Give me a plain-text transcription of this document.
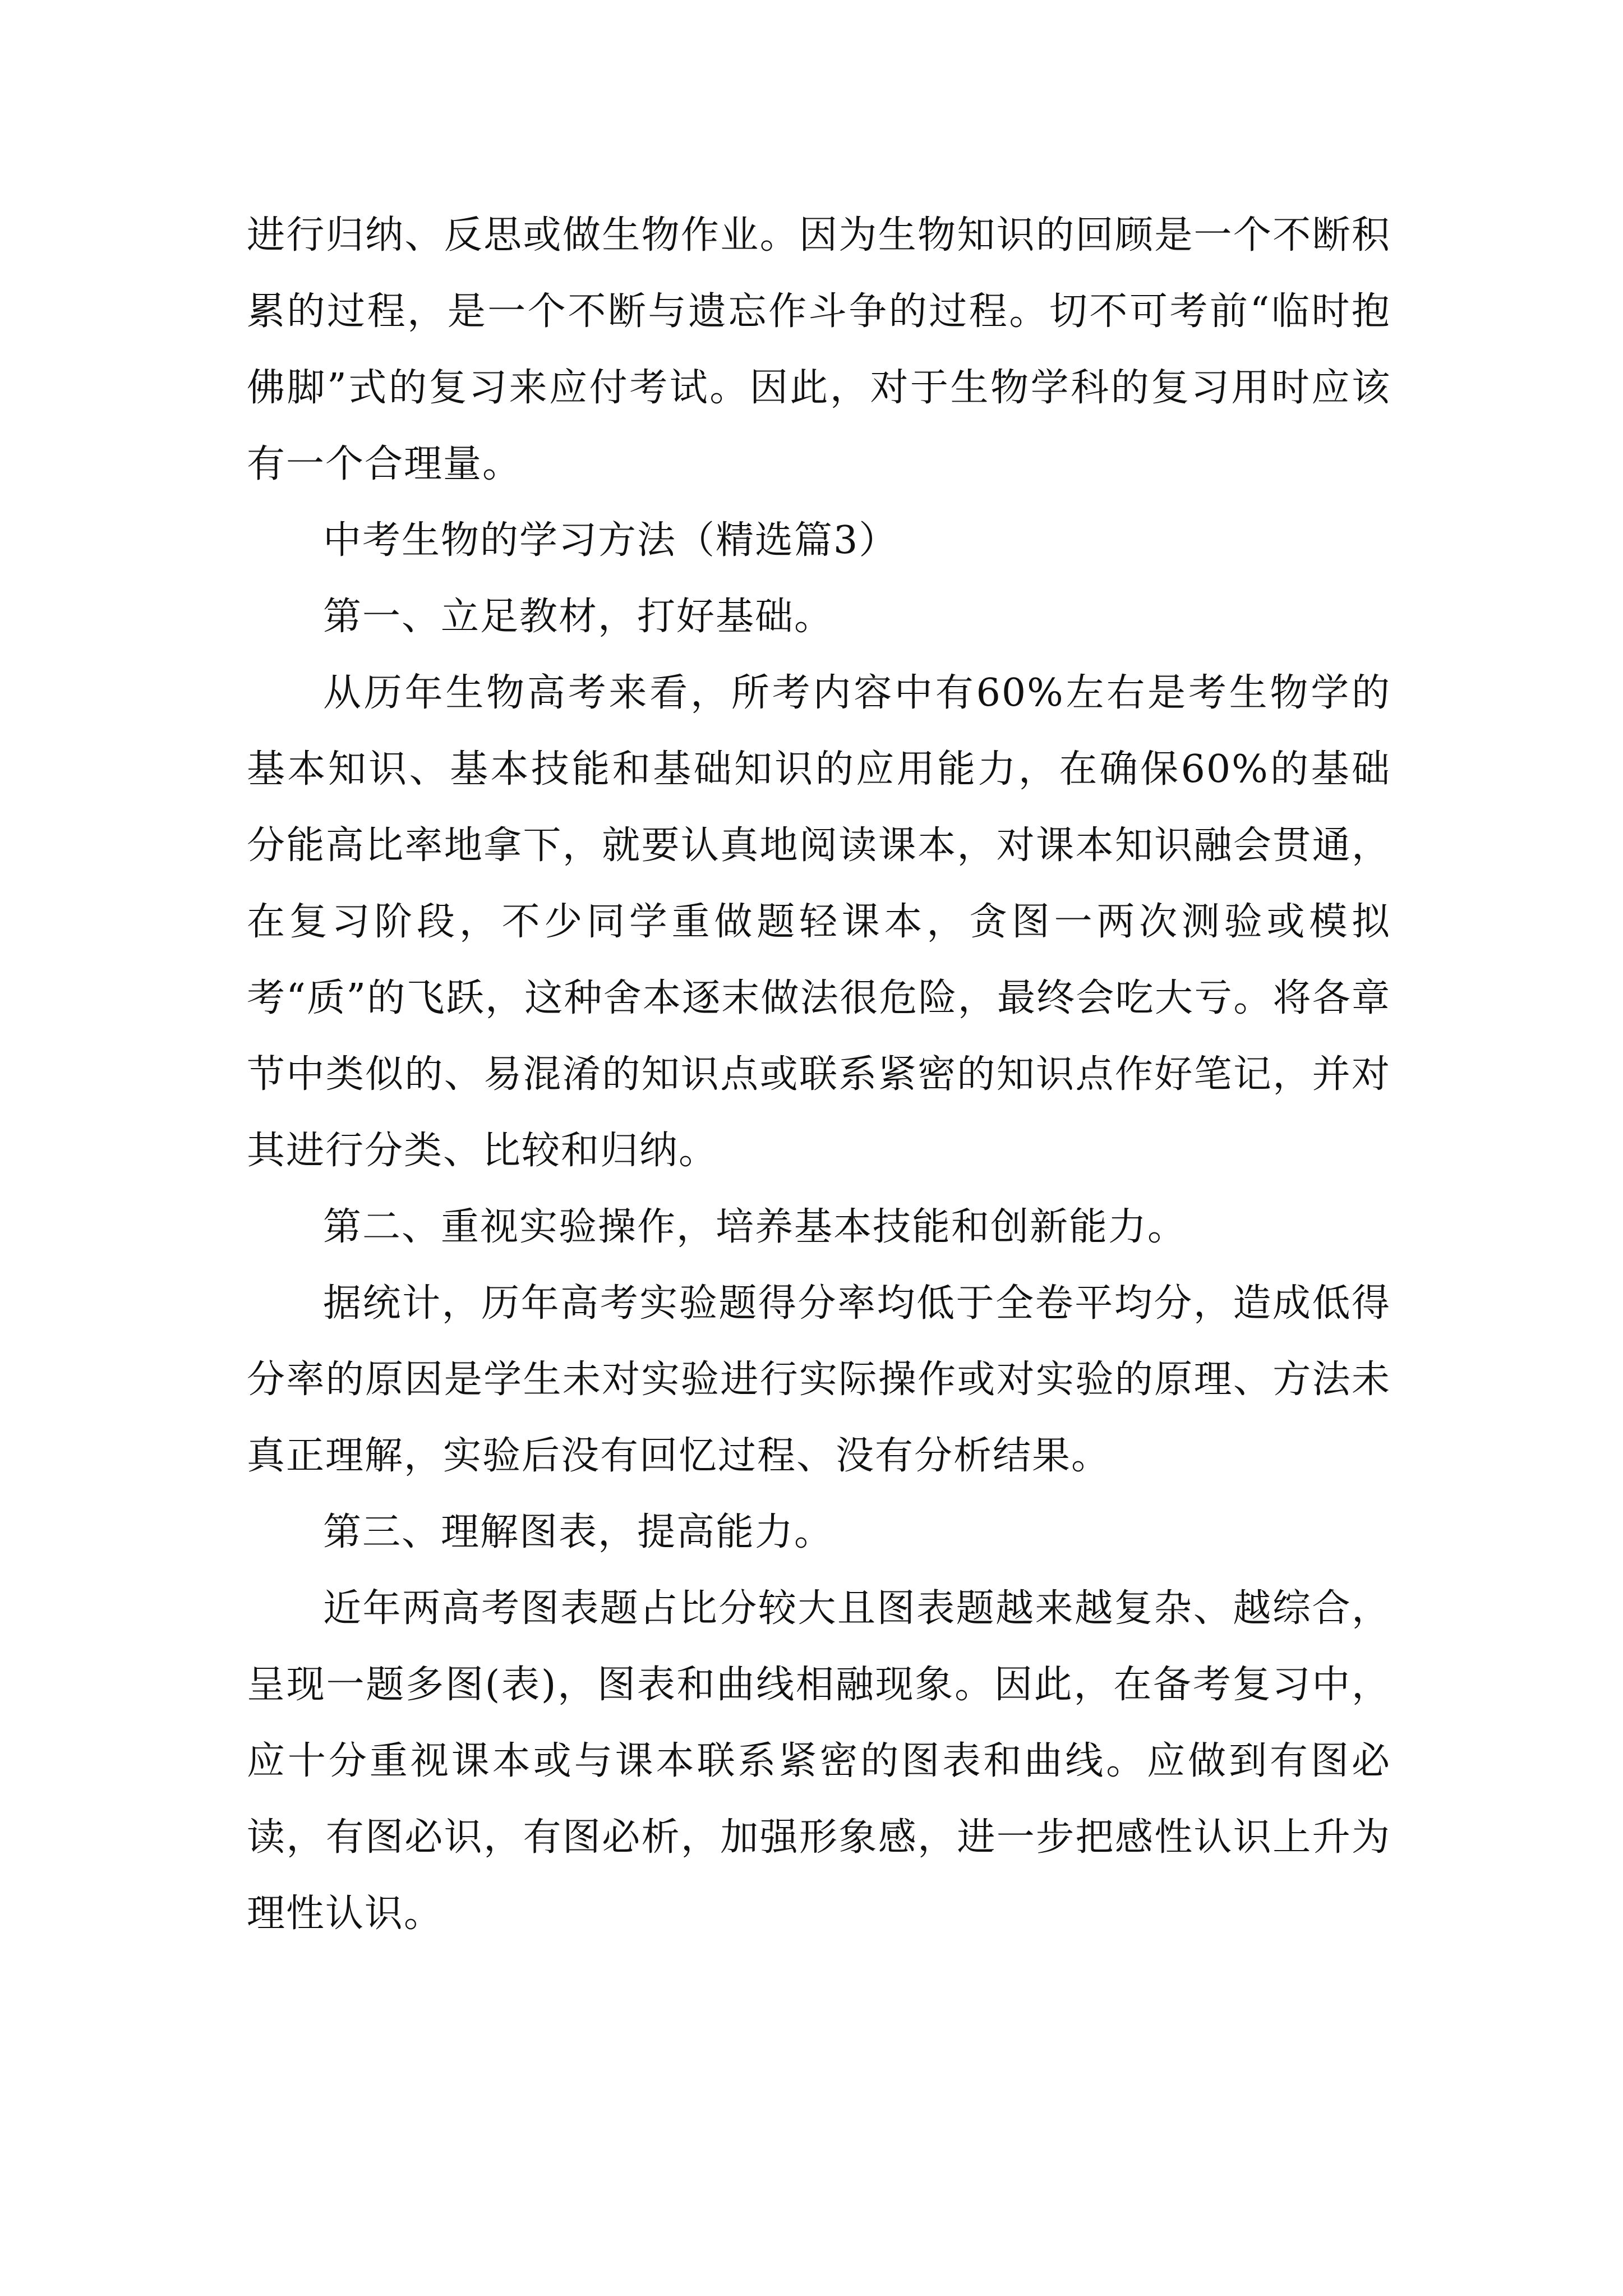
进行归纳、反思或做生物作业。因为生物知识的回顾是一个不断积累的过程，是一个不断与遗忘作斗争的过程。切不可考前“临时抱佛脚”式的复习来应付考试。因此，对于生物学科的复习用时应该有一个合理量。

中考生物的学习方法（精选篇3）

第一、立足教材，打好基础。

从历年生物高考来看，所考内容中有60%左右是考生物学的基本知识、基本技能和基础知识的应用能力，在确保60%的基础分能高比率地拿下，就要认真地阅读课本，对课本知识融会贯通，在复习阶段，不少同学重做题轻课本，贪图一两次测验或模拟考“质”的飞跃，这种舍本逐末做法很危险，最终会吃大亏。将各章节中类似的、易混淆的知识点或联系紧密的知识点作好笔记，并对其进行分类、比较和归纳。

第二、重视实验操作，培养基本技能和创新能力。

据统计，历年高考实验题得分率均低于全卷平均分，造成低得分率的原因是学生未对实验进行实际操作或对实验的原理、方法未真正理解，实验后没有回忆过程、没有分析结果。

第三、理解图表，提高能力。

近年两高考图表题占比分较大且图表题越来越复杂、越综合，呈现一题多图(表)，图表和曲线相融现象。因此，在备考复习中，应十分重视课本或与课本联系紧密的图表和曲线。应做到有图必读，有图必识，有图必析，加强形象感，进一步把感性认识上升为理性认识。
